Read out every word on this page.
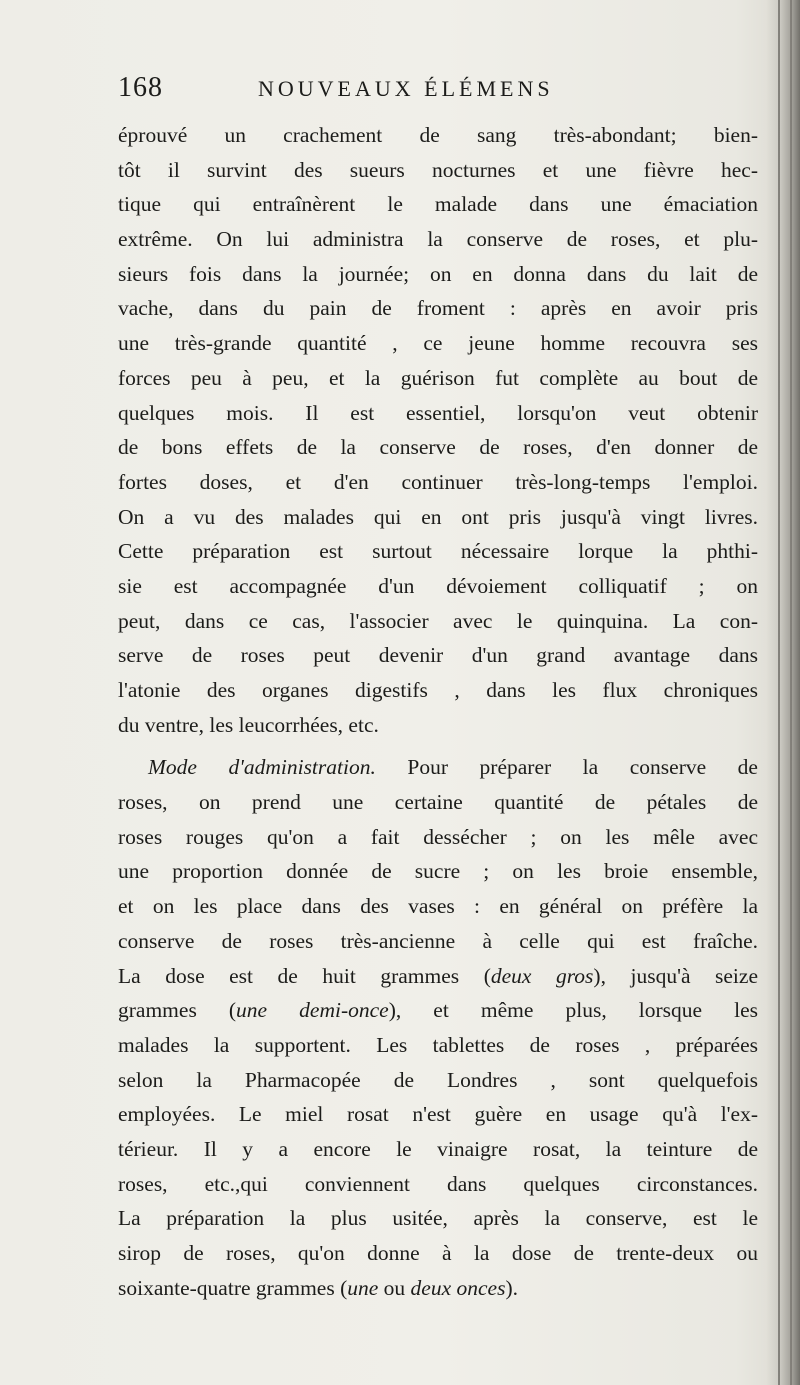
168	NOUVEAUX ÉLÉMENS
éprouvé un crachement de sang très-abondant; bien-
tôt il survint des sueurs nocturnes et une fièvre hec-
tique qui entraînèrent le malade dans une émaciation
extrême. On lui administra la conserve de roses, et plu-
sieurs fois dans la journée; on en donna dans du lait de
vache, dans du pain de froment : après en avoir pris
une très-grande quantité , ce jeune homme recouvra ses
forces peu à peu, et la guérison fut complète au bout de
quelques mois. Il est essentiel, lorsqu'on veut obtenir
de bons effets de la conserve de roses, d'en donner de
fortes doses, et d'en continuer très-long-temps l'emploi.
On a vu des malades qui en ont pris jusqu'à vingt livres.
Cette préparation est surtout nécessaire lorque la phthi-
sie est accompagnée d'un dévoiement colliquatif ; on
peut, dans ce cas, l'associer avec le quinquina. La con-
serve de roses peut devenir d'un grand avantage dans
l'atonie des organes digestifs , dans les flux chroniques
du ventre, les leucorrhées, etc.
Mode d'administration. Pour préparer la conserve de
roses, on prend une certaine quantité de pétales de
roses rouges qu'on a fait dessécher ; on les mêle avec
une proportion donnée de sucre ; on les broie ensemble,
et on les place dans des vases : en général on préfère la
conserve de roses très-ancienne à celle qui est fraîche.
La dose est de huit grammes (deux gros), jusqu'à seize
grammes (une demi-once), et même plus, lorsque les
malades la supportent. Les tablettes de roses , préparées
selon la Pharmacopée de Londres , sont quelquefois
employées. Le miel rosat n'est guère en usage qu'à l'ex-
térieur. Il y a encore le vinaigre rosat, la teinture de
roses, etc.,qui conviennent dans quelques circonstances.
La préparation la plus usitée, après la conserve, est le
sirop de roses, qu'on donne à la dose de trente-deux ou
soixante-quatre grammes (une ou deux onces).
